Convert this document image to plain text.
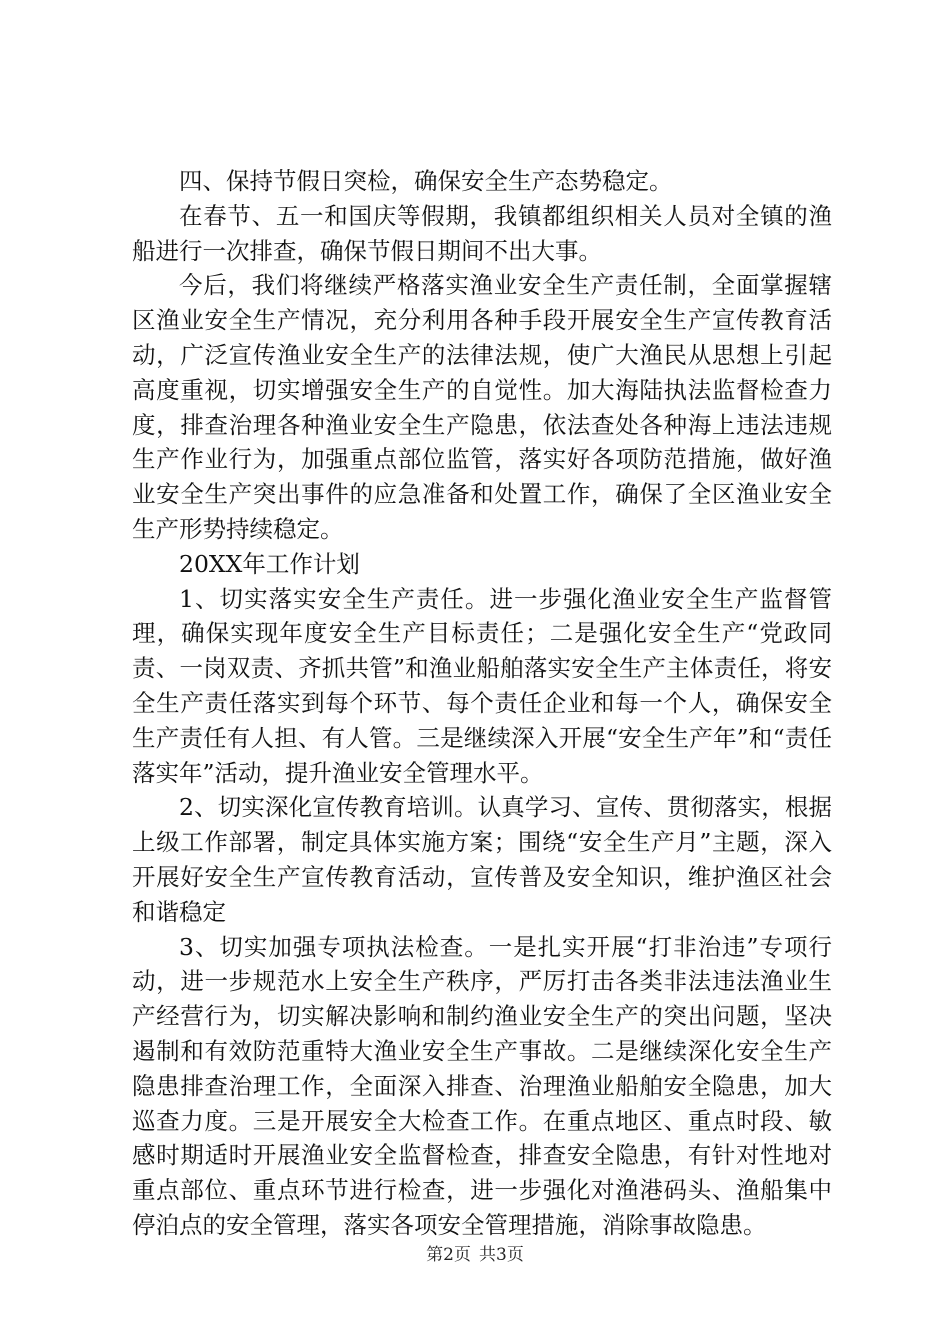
四、保持节假日突检，确保安全生产态势稳定。

在春节、五一和国庆等假期，我镇都组织相关人员对全镇的渔船进行一次排查，确保节假日期间不出大事。

今后，我们将继续严格落实渔业安全生产责任制，全面掌握辖区渔业安全生产情况，充分利用各种手段开展安全生产宣传教育活动，广泛宣传渔业安全生产的法律法规，使广大渔民从思想上引起高度重视，切实增强安全生产的自觉性。加大海陆执法监督检查力度，排查治理各种渔业安全生产隐患，依法查处各种海上违法违规生产作业行为，加强重点部位监管，落实好各项防范措施，做好渔业安全生产突出事件的应急准备和处置工作，确保了全区渔业安全生产形势持续稳定。

20XX年工作计划

1、切实落实安全生产责任。进一步强化渔业安全生产监督管理，确保实现年度安全生产目标责任；二是强化安全生产“党政同责、一岗双责、齐抓共管”和渔业船舶落实安全生产主体责任，将安全生产责任落实到每个环节、每个责任企业和每一个人，确保安全生产责任有人担、有人管。三是继续深入开展“安全生产年”和“责任落实年”活动，提升渔业安全管理水平。

2、切实深化宣传教育培训。认真学习、宣传、贯彻落实，根据上级工作部署，制定具体实施方案；围绕“安全生产月”主题，深入开展好安全生产宣传教育活动，宣传普及安全知识，维护渔区社会和谐稳定

3、切实加强专项执法检查。一是扎实开展“打非治违”专项行动，进一步规范水上安全生产秩序，严厉打击各类非法违法渔业生产经营行为，切实解决影响和制约渔业安全生产的突出问题，坚决遏制和有效防范重特大渔业安全生产事故。二是继续深化安全生产隐患排查治理工作，全面深入排查、治理渔业船舶安全隐患，加大巡查力度。三是开展安全大检查工作。在重点地区、重点时段、敏感时期适时开展渔业安全监督检查，排查安全隐患，有针对性地对重点部位、重点环节进行检查，进一步强化对渔港码头、渔船集中停泊点的安全管理，落实各项安全管理措施，消除事故隐患。

第2页 共3页
